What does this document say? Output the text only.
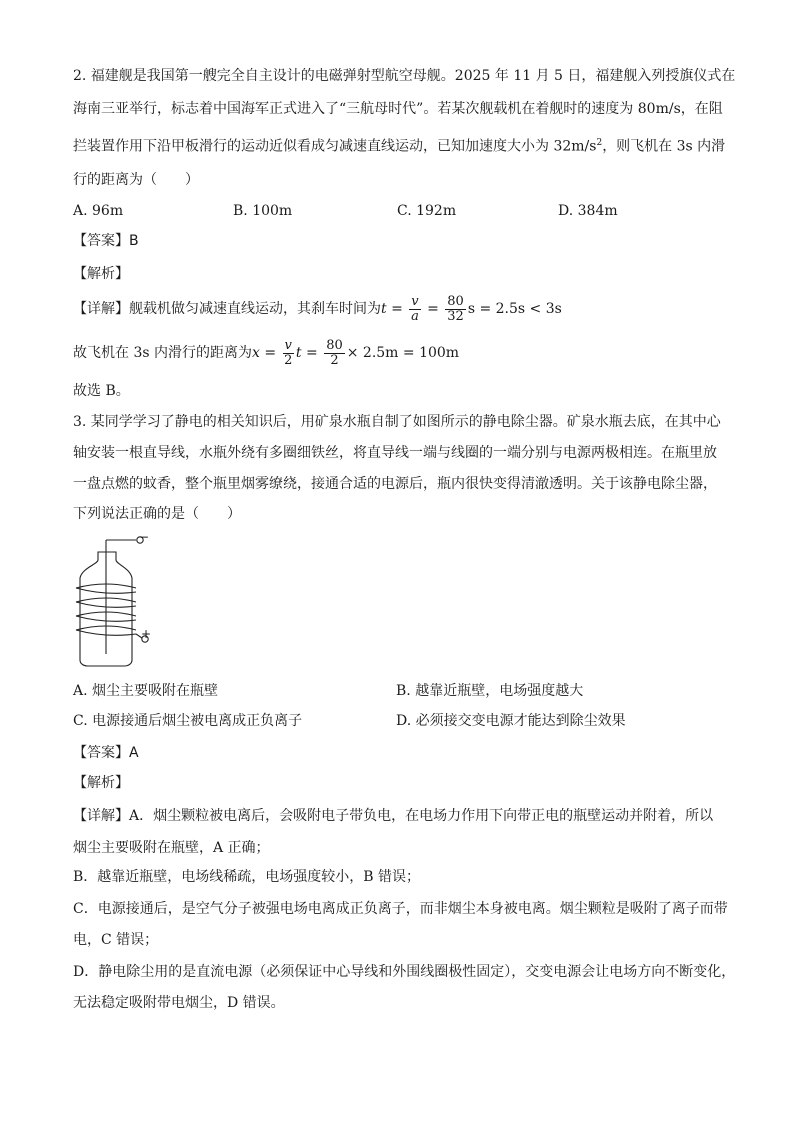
2. 福建舰是我国第一艘完全自主设计的电磁弹射型航空母舰。2025 年 11 月 5 日，福建舰入列授旗仪式在
海南三亚举行，标志着中国海军正式进入了“三航母时代”。若某次舰载机在着舰时的速度为 80m/s，在阻
拦装置作用下沿甲板滑行的运动近似看成匀减速直线运动，已知加速度大小为 $32m/s^2$，则飞机在 3s 内滑
行的距离为（　　）
A. 96m	B. 100m	C. 192m	D. 384m
【答案】B
【解析】
【详解】舰载机做匀减速直线运动，其刹车时间为$t = \frac{v}{a} = \frac{80}{32}$ s = 2.5s < 3s
故飞机在 3s 内滑行的距离为$x = \frac{v}{2}$ $t = \frac{80}{2} \times 2.5m = 100m$
故选 B。
3. 某同学学习了静电的相关知识后，用矿泉水瓶自制了如图所示的静电除尘器。矿泉水瓶去底，在其中心
轴安装一根直导线，水瓶外绕有多圈细铁丝，将直导线一端与线圈的一端分别与电源两极相连。在瓶里放
一盘点燃的蚊香，整个瓶里烟雾缭绕，接通合适的电源后，瓶内很快变得清澈透明。关于该静电除尘器，
下列说法正确的是（　　）
−
+
A. 烟尘主要吸附在瓶壁	B. 越靠近瓶壁，电场强度越大
C. 电源接通后烟尘被电离成正负离子	D. 必须接交变电源才能达到除尘效果
【答案】A
【解析】
【详解】A．烟尘颗粒被电离后，会吸附电子带负电，在电场力作用下向带正电的瓶壁运动并附着，所以
烟尘主要吸附在瓶壁，A 正确；
B．越靠近瓶壁，电场线稀疏，电场强度较小，B 错误；
C．电源接通后，是空气分子被强电场电离成正负离子，而非烟尘本身被电离。烟尘颗粒是吸附了离子而带
电，C 错误；
D．静电除尘用的是直流电源（必须保证中心导线和外围线圈极性固定），交变电源会让电场方向不断变化，
无法稳定吸附带电烟尘，D 错误。
